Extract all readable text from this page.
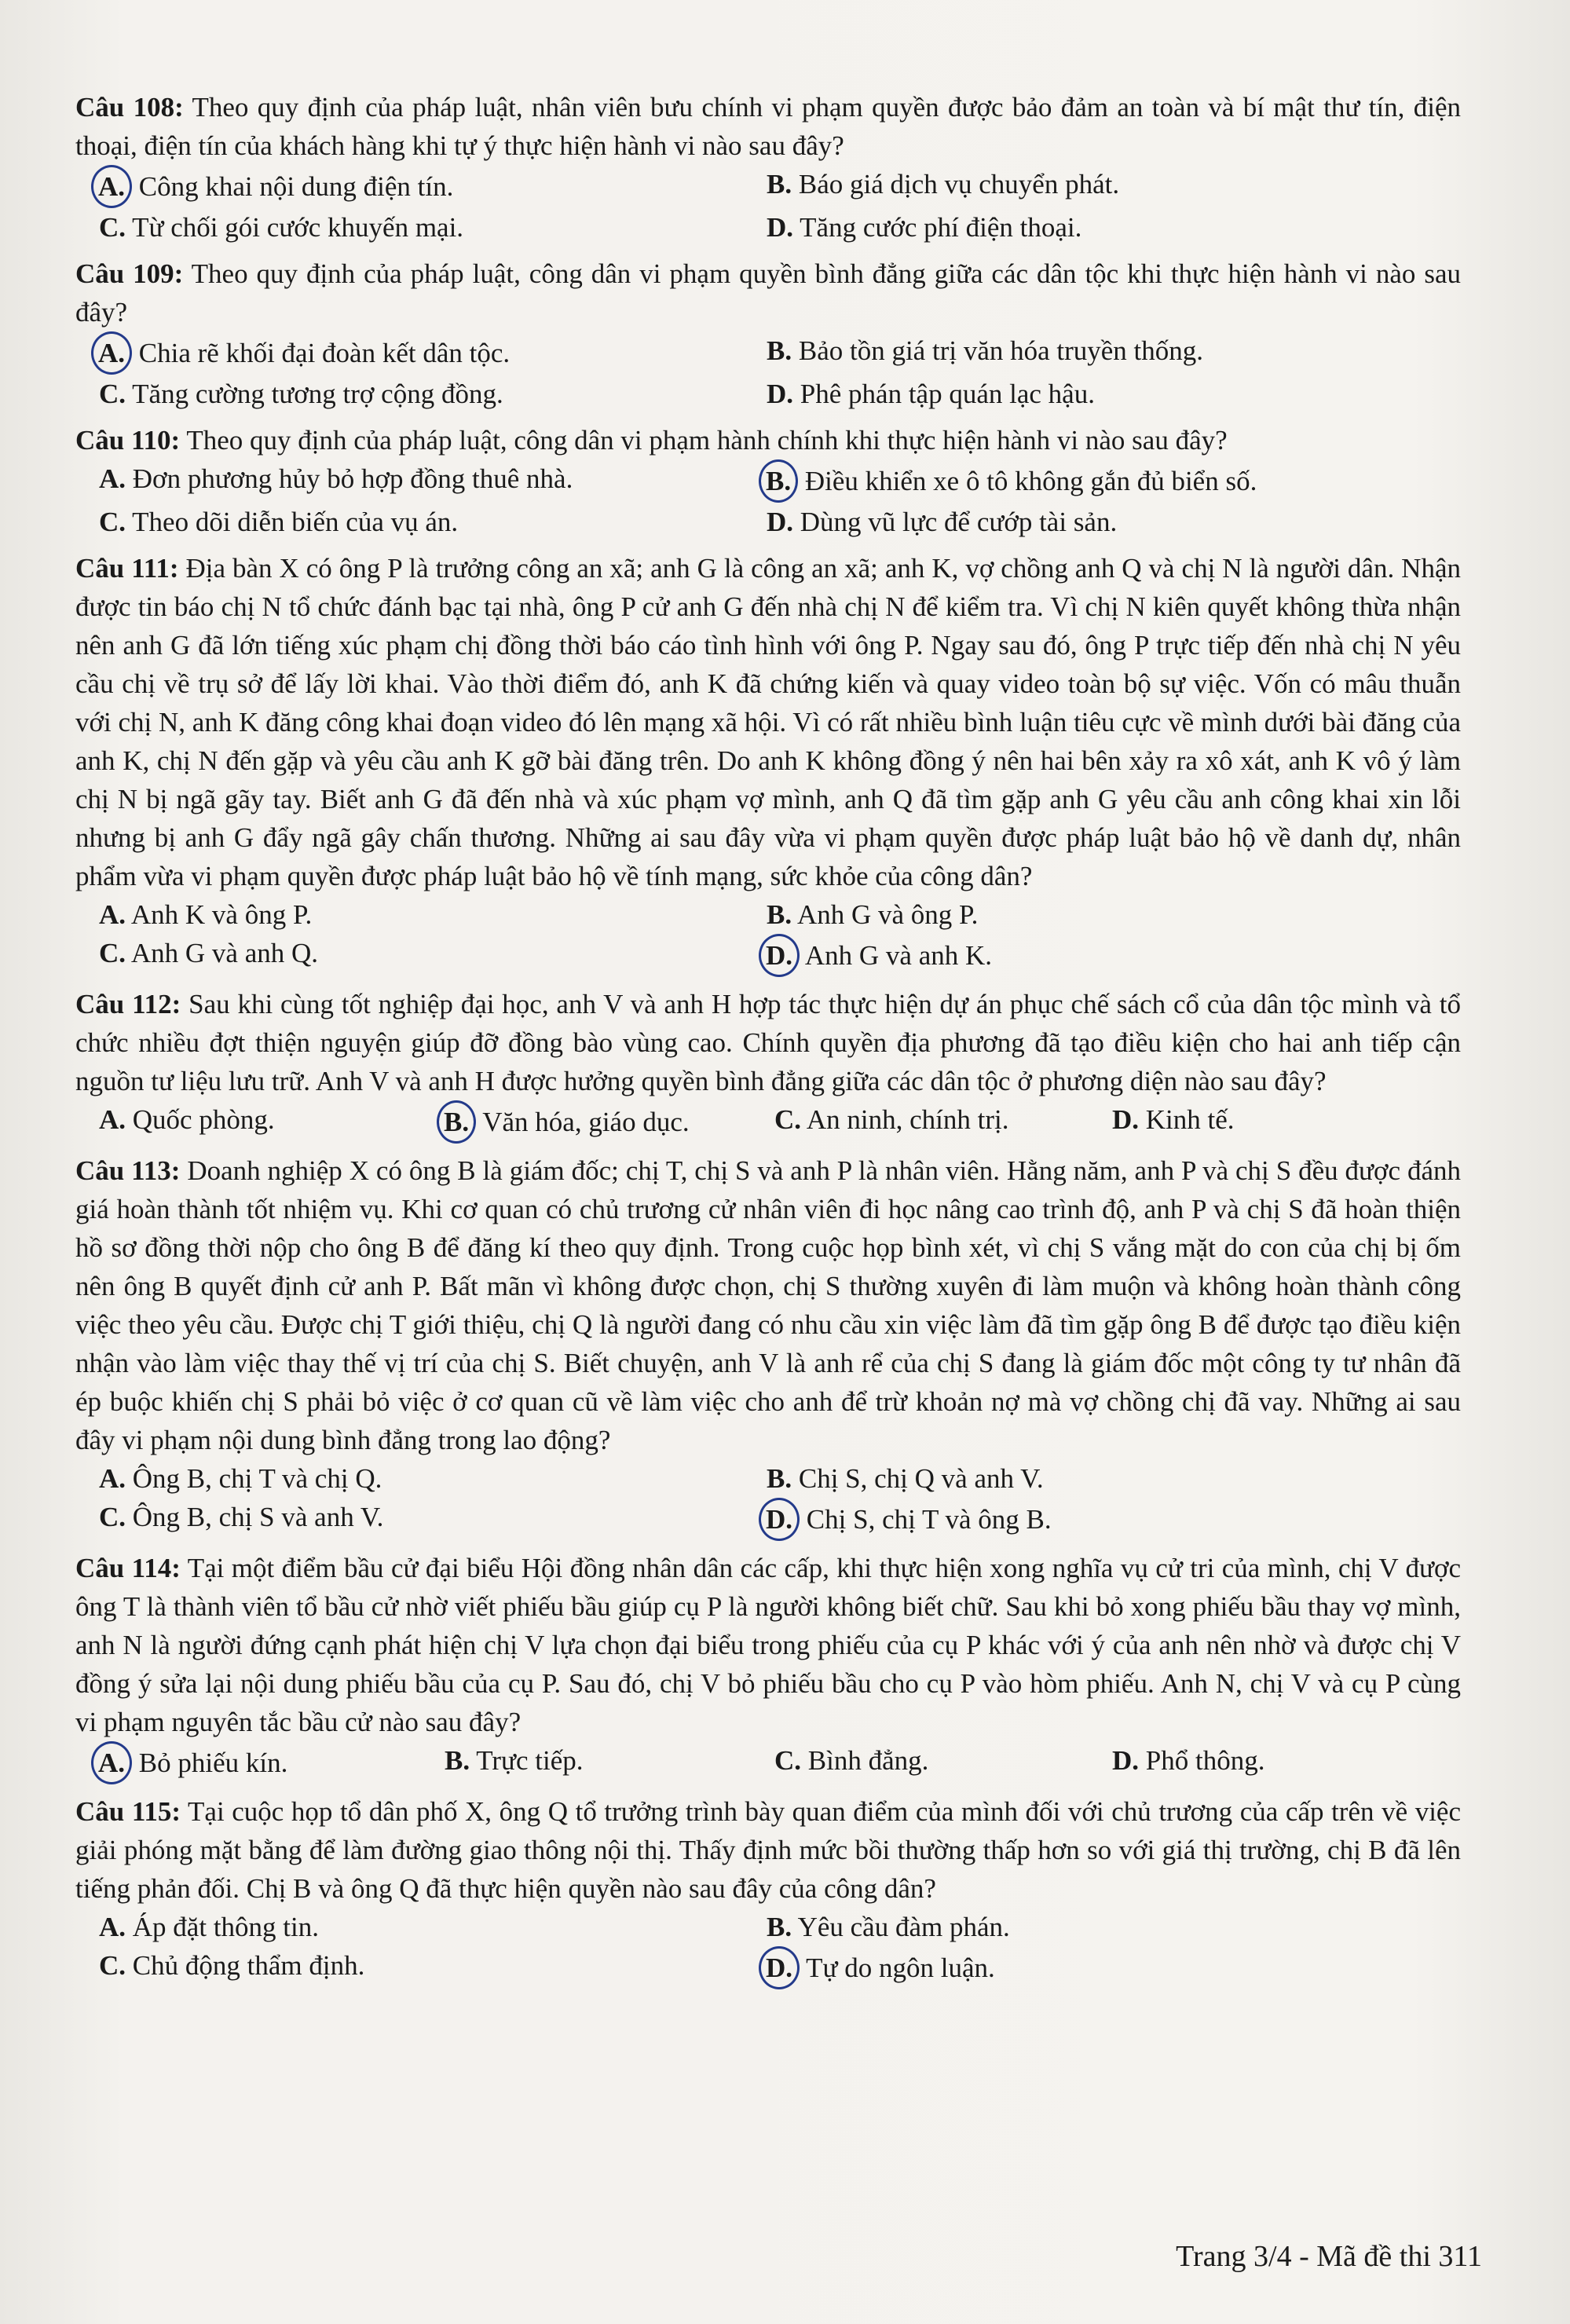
Câu 108: Theo quy định của pháp luật, nhân viên bưu chính vi phạm quyền được bảo đảm an toàn và bí mật thư tín, điện thoại, điện tín của khách hàng khi tự ý thực hiện hành vi nào sau đây?
A. Công khai nội dung điện tín.	B. Báo giá dịch vụ chuyển phát.
C. Từ chối gói cước khuyến mại.	D. Tăng cước phí điện thoại.
Câu 109: Theo quy định của pháp luật, công dân vi phạm quyền bình đẳng giữa các dân tộc khi thực hiện hành vi nào sau đây?
A. Chia rẽ khối đại đoàn kết dân tộc.	B. Bảo tồn giá trị văn hóa truyền thống.
C. Tăng cường tương trợ cộng đồng.	D. Phê phán tập quán lạc hậu.
Câu 110: Theo quy định của pháp luật, công dân vi phạm hành chính khi thực hiện hành vi nào sau đây?
A. Đơn phương hủy bỏ hợp đồng thuê nhà.	B. Điều khiển xe ô tô không gắn đủ biển số.
C. Theo dõi diễn biến của vụ án.	D. Dùng vũ lực để cướp tài sản.
Câu 111: Địa bàn X có ông P là trưởng công an xã; anh G là công an xã; anh K, vợ chồng anh Q và chị N là người dân. Nhận được tin báo chị N tổ chức đánh bạc tại nhà, ông P cử anh G đến nhà chị N để kiểm tra. Vì chị N kiên quyết không thừa nhận nên anh G đã lớn tiếng xúc phạm chị đồng thời báo cáo tình hình với ông P. Ngay sau đó, ông P trực tiếp đến nhà chị N yêu cầu chị về trụ sở để lấy lời khai. Vào thời điểm đó, anh K đã chứng kiến và quay video toàn bộ sự việc. Vốn có mâu thuẫn với chị N, anh K đăng công khai đoạn video đó lên mạng xã hội. Vì có rất nhiều bình luận tiêu cực về mình dưới bài đăng của anh K, chị N đến gặp và yêu cầu anh K gỡ bài đăng trên. Do anh K không đồng ý nên hai bên xảy ra xô xát, anh K vô ý làm chị N bị ngã gãy tay. Biết anh G đã đến nhà và xúc phạm vợ mình, anh Q đã tìm gặp anh G yêu cầu anh công khai xin lỗi nhưng bị anh G đẩy ngã gây chấn thương. Những ai sau đây vừa vi phạm quyền được pháp luật bảo hộ về danh dự, nhân phẩm vừa vi phạm quyền được pháp luật bảo hộ về tính mạng, sức khỏe của công dân?
A. Anh K và ông P.	B. Anh G và ông P.
C. Anh G và anh Q.	D. Anh G và anh K.
Câu 112: Sau khi cùng tốt nghiệp đại học, anh V và anh H hợp tác thực hiện dự án phục chế sách cổ của dân tộc mình và tổ chức nhiều đợt thiện nguyện giúp đỡ đồng bào vùng cao. Chính quyền địa phương đã tạo điều kiện cho hai anh tiếp cận nguồn tư liệu lưu trữ. Anh V và anh H được hưởng quyền bình đẳng giữa các dân tộc ở phương diện nào sau đây?
A. Quốc phòng.	B. Văn hóa, giáo dục.	C. An ninh, chính trị.	D. Kinh tế.
Câu 113: Doanh nghiệp X có ông B là giám đốc; chị T, chị S và anh P là nhân viên. Hằng năm, anh P và chị S đều được đánh giá hoàn thành tốt nhiệm vụ. Khi cơ quan có chủ trương cử nhân viên đi học nâng cao trình độ, anh P và chị S đã hoàn thiện hồ sơ đồng thời nộp cho ông B để đăng kí theo quy định. Trong cuộc họp bình xét, vì chị S vắng mặt do con của chị bị ốm nên ông B quyết định cử anh P. Bất mãn vì không được chọn, chị S thường xuyên đi làm muộn và không hoàn thành công việc theo yêu cầu. Được chị T giới thiệu, chị Q là người đang có nhu cầu xin việc làm đã tìm gặp ông B để được tạo điều kiện nhận vào làm việc thay thế vị trí của chị S. Biết chuyện, anh V là anh rể của chị S đang là giám đốc một công ty tư nhân đã ép buộc khiến chị S phải bỏ việc ở cơ quan cũ về làm việc cho anh để trừ khoản nợ mà vợ chồng chị đã vay. Những ai sau đây vi phạm nội dung bình đẳng trong lao động?
A. Ông B, chị T và chị Q.	B. Chị S, chị Q và anh V.
C. Ông B, chị S và anh V.	D. Chị S, chị T và ông B.
Câu 114: Tại một điểm bầu cử đại biểu Hội đồng nhân dân các cấp, khi thực hiện xong nghĩa vụ cử tri của mình, chị V được ông T là thành viên tổ bầu cử nhờ viết phiếu bầu giúp cụ P là người không biết chữ. Sau khi bỏ xong phiếu bầu thay vợ mình, anh N là người đứng cạnh phát hiện chị V lựa chọn đại biểu trong phiếu của cụ P khác với ý của anh nên nhờ và được chị V đồng ý sửa lại nội dung phiếu bầu của cụ P. Sau đó, chị V bỏ phiếu bầu cho cụ P vào hòm phiếu. Anh N, chị V và cụ P cùng vi phạm nguyên tắc bầu cử nào sau đây?
A. Bỏ phiếu kín.	B. Trực tiếp.	C. Bình đẳng.	D. Phổ thông.
Câu 115: Tại cuộc họp tổ dân phố X, ông Q tổ trưởng trình bày quan điểm của mình đối với chủ trương của cấp trên về việc giải phóng mặt bằng để làm đường giao thông nội thị. Thấy định mức bồi thường thấp hơn so với giá thị trường, chị B đã lên tiếng phản đối. Chị B và ông Q đã thực hiện quyền nào sau đây của công dân?
A. Áp đặt thông tin.	B. Yêu cầu đàm phán.
C. Chủ động thẩm định.	D. Tự do ngôn luận.
Trang 3/4 - Mã đề thi 311
